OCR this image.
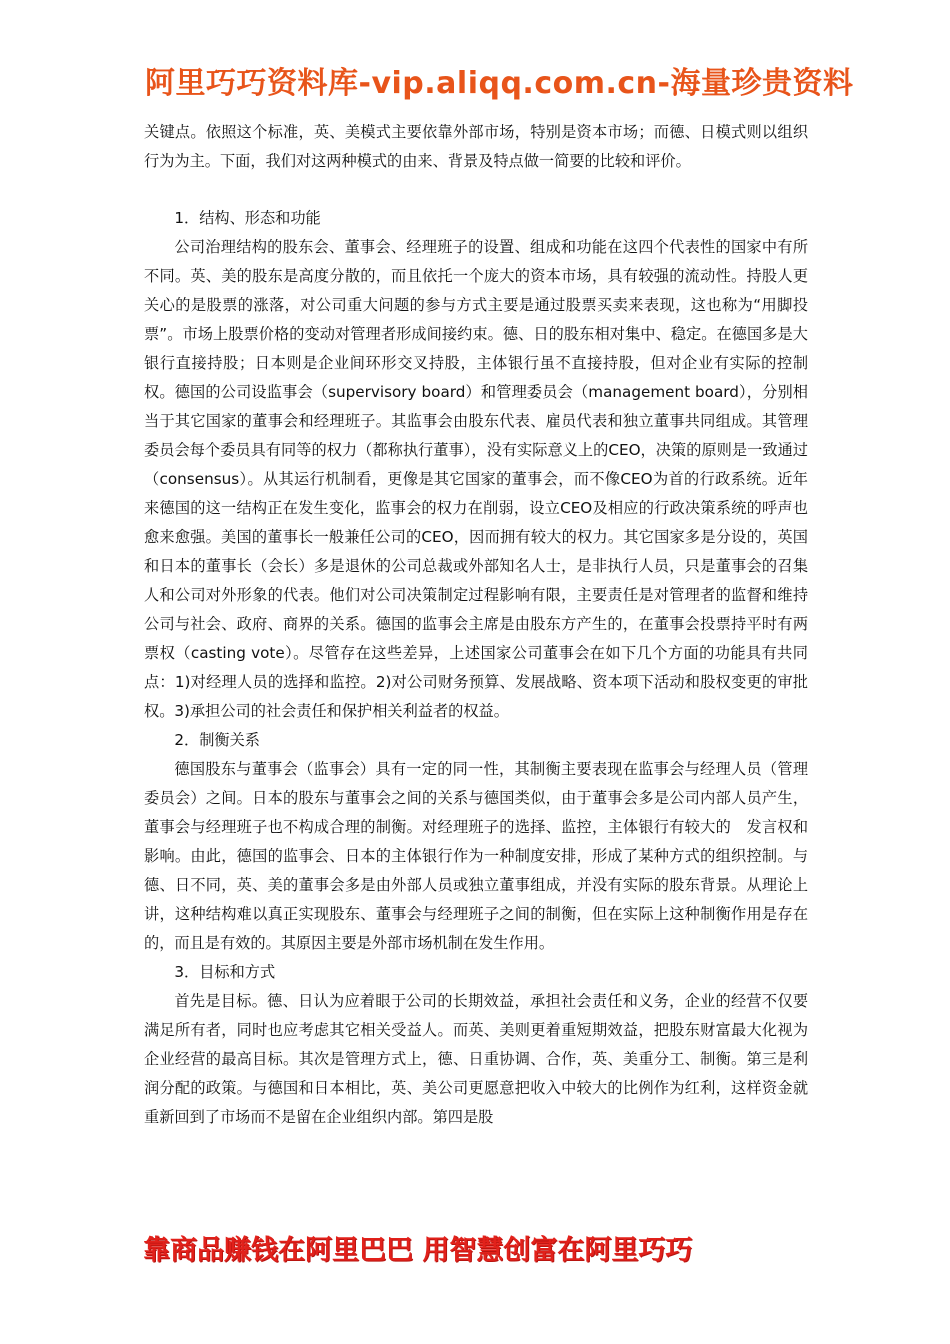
阿里巧巧资料库-vip.aliqq.com.cn-海量珍贵资料

关键点。依照这个标准，英、美模式主要依靠外部市场，特别是资本市场；而德、日模式则以组织行为为主。下面，我们对这两种模式的由来、背景及特点做一简要的比较和评价。

1．结构、形态和功能

公司治理结构的股东会、董事会、经理班子的设置、组成和功能在这四个代表性的国家中有所不同。英、美的股东是高度分散的，而且依托一个庞大的资本市场，具有较强的流动性。持股人更关心的是股票的涨落，对公司重大问题的参与方式主要是通过股票买卖来表现，这也称为“用脚投票”。市场上股票价格的变动对管理者形成间接约束。德、日的股东相对集中、稳定。在德国多是大银行直接持股；日本则是企业间环形交叉持股，主体银行虽不直接持股，但对企业有实际的控制权。德国的公司设监事会（supervisory board）和管理委员会（management board），分别相当于其它国家的董事会和经理班子。其监事会由股东代表、雇员代表和独立董事共同组成。其管理委员会每个委员具有同等的权力（都称执行董事），没有实际意义上的CEO，决策的原则是一致通过（consensus）。从其运行机制看，更像是其它国家的董事会，而不像CEO为首的行政系统。近年来德国的这一结构正在发生变化，监事会的权力在削弱，设立CEO及相应的行政决策系统的呼声也愈来愈强。美国的董事长一般兼任公司的CEO，因而拥有较大的权力。其它国家多是分设的，英国和日本的董事长（会长）多是退休的公司总裁或外部知名人士，是非执行人员，只是董事会的召集人和公司对外形象的代表。他们对公司决策制定过程影响有限，主要责任是对管理者的监督和维持公司与社会、政府、商界的关系。德国的监事会主席是由股东方产生的，在董事会投票持平时有两票权（casting vote）。尽管存在这些差异，上述国家公司董事会在如下几个方面的功能具有共同点：1)对经理人员的选择和监控。2)对公司财务预算、发展战略、资本项下活动和股权变更的审批权。3)承担公司的社会责任和保护相关利益者的权益。

2．制衡关系

德国股东与董事会（监事会）具有一定的同一性，其制衡主要表现在监事会与经理人员（管理委员会）之间。日本的股东与董事会之间的关系与德国类似，由于董事会多是公司内部人员产生，董事会与经理班子也不构成合理的制衡。对经理班子的选择、监控，主体银行有较大的　发言权和影响。由此，德国的监事会、日本的主体银行作为一种制度安排，形成了某种方式的组织控制。与德、日不同，英、美的董事会多是由外部人员或独立董事组成，并没有实际的股东背景。从理论上讲，这种结构难以真正实现股东、董事会与经理班子之间的制衡，但在实际上这种制衡作用是存在的，而且是有效的。其原因主要是外部市场机制在发生作用。

3．目标和方式

首先是目标。德、日认为应着眼于公司的长期效益，承担社会责任和义务，企业的经营不仅要满足所有者，同时也应考虑其它相关受益人。而英、美则更着重短期效益，把股东财富最大化视为企业经营的最高目标。其次是管理方式上，德、日重协调、合作，英、美重分工、制衡。第三是利润分配的政策。与德国和日本相比，英、美公司更愿意把收入中较大的比例作为红利，这样资金就重新回到了市场而不是留在企业组织内部。第四是股

靠商品赚钱在阿里巴巴 用智慧创富在阿里巧巧
